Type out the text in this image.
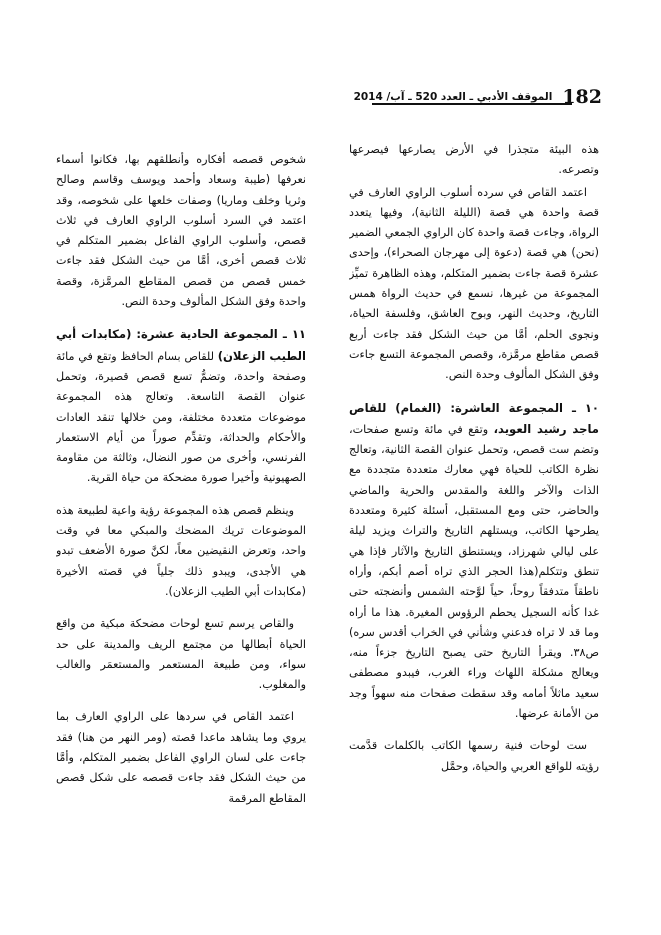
182
الموقف الأدبي ـ العدد 520 ـ آب/ 2014

هذه البيئة متجذرا في الأرض يصارعها فيصرعها وتصرعه.

اعتمد القاص في سرده أسلوب الراوي العارف في قصة واحدة هي قصة (الليلة الثانية)، وفيها يتعدد الرواة، وجاءت قصة واحدة كان الراوي الجمعي الضمير (نحن) هي قصة (دعوة إلى مهرجان الصحراء)، وإحدى عشرة قصة جاءت بضمير المتكلم، وهذه الظاهرة تميِّز المجموعة من غيرها، نسمع في حديث الرواة همس التاريخ، وحديث النهر، وبوح العاشق، وفلسفة الحياة، ونجوى الحلم، أمَّا من حيث الشكل فقد جاءت أربع قصص مقاطع مرمَّزة، وقصص المجموعة التسع جاءت وفق الشكل المألوف وحدة النص.

١٠ ـ المجموعة العاشرة: (الغمام) للقاص ماجد رشيد العويد، وتقع في مائة وتسع صفحات، وتضم ست قصص، وتحمل عنوان القصة الثانية، وتعالج نظرة الكاتب للحياة فهي معارك متعددة متجددة مع الذات والآخر واللغة والمقدس والحرية والماضي والحاضر، حتى ومع المستقبل، أسئلة كثيرة ومتعددة يطرحها الكاتب، ويستلهم التاريخ والتراث ويزيد ليلة على ليالي شهرزاد، ويستنطق التاريخ والآثار فإذا هي تنطق وتتكلم(هذا الحجر الذي تراه أصم أبكم، وأراه ناطقاً متدفقاً روحاً، حياً لوَّحته الشمس وأنضجته حتى غدا كأنه السجيل يحطم الرؤوس المغيرة. هذا ما أراه وما قد لا تراه فدعني وشأني في الخراب أقدس سره) ص٣٨. ويقرأ التاريخ حتى يصبح التاريخ جزءاً منه، ويعالج مشكلة اللهاث وراء الغرب، فيبدو مصطفى سعيد ماثلاً أمامه وقد سقطت صفحات منه سهواً وجد من الأمانة عرضها.

ست لوحات فنية رسمها الكاتب بالكلمات قدَّمت رؤيته للواقع العربي والحياة، وحمَّل

شخوص قصصه أفكاره وأنطلقهم بها، فكانوا أسماء نعرفها (طيبة وسعاد وأحمد ويوسف وقاسم وصالح وثريا وخلف وماريا) وصفات خلعها على شخوصه، وقد اعتمد في السرد أسلوب الراوي العارف في ثلاث قصص، وأسلوب الراوي الفاعل بضمير المتكلم في ثلاث قصص أخرى، أمَّا من حيث الشكل فقد جاءت خمس قصص من قصص المقاطع المرمَّزة، وقصة واحدة وفق الشكل المألوف وحدة النص.

١١ ـ المجموعة الحادية عشرة: (مكابدات أبي الطيب الزعلان) للقاص بسام الحافظ وتقع في مائة وصفحة واحدة، وتضمُّ تسع قصص قصيرة، وتحمل عنوان القصة التاسعة. وتعالج هذه المجموعة موضوعات متعددة مختلفة، ومن خلالها تنقد العادات والأحكام والحداثة، وتقدِّم صوراً من أيام الاستعمار الفرنسي، وأخرى من صور النضال، وثالثة من مقاومة الصهيونية وأخيرا صورة مضحكة من حياة القرية.

وينظم قصص هذه المجموعة رؤية واعية لطبيعة هذه الموضوعات تريك المضحك والمبكي معا في وقت واحد، وتعرض النقيضين معاً، لكنَّ صورة الأضعف تبدو هي الأجدى، ويبدو ذلك جلياً في قصته الأخيرة (مكابدات أبي الطيب الزعلان).

والقاص يرسم تسع لوحات مضحكة مبكية من واقع الحياة أبطالها من مجتمع الريف والمدينة على حد سواء، ومن طبيعة المستعمر والمستعمَر والغالب والمغلوب.

اعتمد القاص في سردها على الراوي العارف بما يروي وما يشاهد ماعدا قصته (ومر النهر من هنا) فقد جاءت على لسان الراوي الفاعل بضمير المتكلم، وأمَّا من حيث الشكل فقد جاءت قصصه على شكل قصص المقاطع المرقمة
